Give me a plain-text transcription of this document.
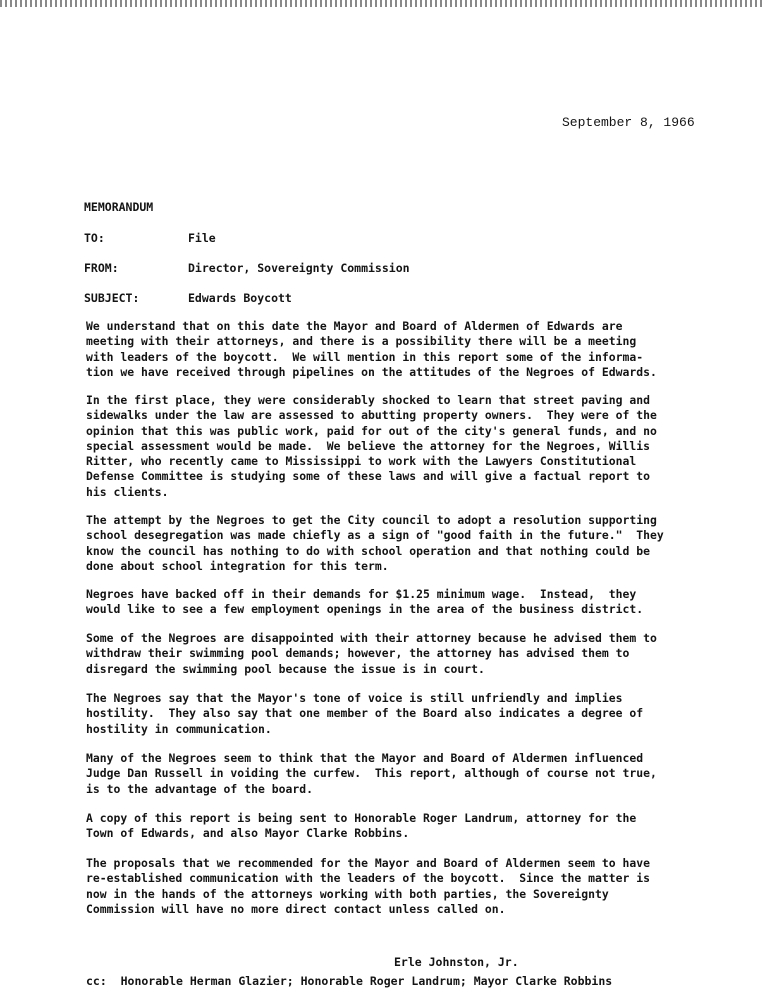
September 8, 1966
MEMORANDUM
TO:	File
FROM:	Director, Sovereignty Commission
SUBJECT:	Edwards Boycott
We understand that on this date the Mayor and Board of Aldermen of Edwards are
meeting with their attorneys, and there is a possibility there will be a meeting
with leaders of the boycott.  We will mention in this report some of the informa-
tion we have received through pipelines on the attitudes of the Negroes of Edwards.
In the first place, they were considerably shocked to learn that street paving and
sidewalks under the law are assessed to abutting property owners.  They were of the
opinion that this was public work, paid for out of the city's general funds, and no
special assessment would be made.  We believe the attorney for the Negroes, Willis
Ritter, who recently came to Mississippi to work with the Lawyers Constitutional
Defense Committee is studying some of these laws and will give a factual report to
his clients.
The attempt by the Negroes to get the City council to adopt a resolution supporting
school desegregation was made chiefly as a sign of "good faith in the future."  They
know the council has nothing to do with school operation and that nothing could be
done about school integration for this term.
Negroes have backed off in their demands for $1.25 minimum wage.  Instead,  they
would like to see a few employment openings in the area of the business district.
Some of the Negroes are disappointed with their attorney because he advised them to
withdraw their swimming pool demands; however, the attorney has advised them to
disregard the swimming pool because the issue is in court.
The Negroes say that the Mayor's tone of voice is still unfriendly and implies
hostility.  They also say that one member of the Board also indicates a degree of
hostility in communication.
Many of the Negroes seem to think that the Mayor and Board of Aldermen influenced
Judge Dan Russell in voiding the curfew.  This report, although of course not true,
is to the advantage of the board.
A copy of this report is being sent to Honorable Roger Landrum, attorney for the
Town of Edwards, and also Mayor Clarke Robbins.
The proposals that we recommended for the Mayor and Board of Aldermen seem to have
re-established communication with the leaders of the boycott.  Since the matter is
now in the hands of the attorneys working with both parties, the Sovereignty
Commission will have no more direct contact unless called on.
Erle Johnston, Jr.
cc:  Honorable Herman Glazier; Honorable Roger Landrum; Mayor Clarke Robbins
